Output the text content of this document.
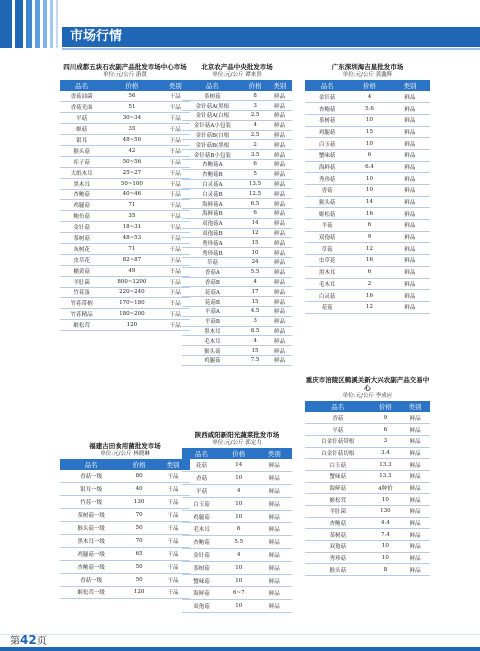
市场行情
四川成都五块石农副产品批发市场中心市场
单位:元/公斤 游贤
品名	价格	类别
香菇油菌	56	干品
香菇光面	51	干品
平菇	30~34	干品
姬菇	35	干品
银耳	48~50	干品
猴头菇	42	干品
库子菇	50~56	干品
大纸木耳	25~27	干品
黑木耳	50~100	干品
杏鲍菇	40~46	干品
鸡腿菇	71	干品
鲍鱼菇	35	干品
金针菇	18~31	干品
茶树菇	48~53	干品
灰树花	71	干品
虫草花	82~87	干品
榆黄菇	49	干品
羊肚菌	800~1200	干品
竹荪蛋	220~240	干品
竹荪带柄	170~180	干品
竹荪精品	180~200	干品
姬松茸	120	干品
福建古田食用菌批发市场
单位:元/公斤 林晓琳
品名	价格	类别
香菇一级	80	干品
银耳一级	40	干品
竹荪一级	130	干品
茶树菇一级	70	干品
猴头菇一级	50	干品
黑木耳一级	70	干品
鸡腿菇一级	65	干品
杏鲍菇一级	50	干品
香菇一级	50	干品
姬松茸一级	120	干品
北京农产品中央批发市场
单位:元/公斤 谭来贵
品名	价格	类别
茶树菇	8	鲜品
金针菇A(黑根	3	鲜品
金针菇A(白根	2.5	鲜品
金针菇A小包装	4	鲜品
金针菇B(白根	2.5	鲜品
金针菇B(黑根	2	鲜品
金针菇B小包装	3.5	鲜品
杏鲍菇A	6	鲜品
杏鲍菇B	5	鲜品
白灵菇A	13.5	鲜品
白灵菇B	12.5	鲜品
海鲜菇A	6.5	鲜品
海鲜菇B	6	鲜品
双孢菇A	14	鲜品
双孢菇B	12	鲜品
秀珍菇A	15	鲜品
秀珍菇B	10	鲜品
草菇	24	鲜品
香菇A	5.5	鲜品
香菇B	4	鲜品
花菇A	17	鲜品
花菇B	15	鲜品
平菇A	4.5	鲜品
平菇B	3	鲜品
黑木耳	8.5	鲜品
毛木耳	4	鲜品
猴头菇	15	鲜品
鸡腿菇	7.5	鲜品
陕西咸阳新阳光蔬菜批发市场
单位:元/公斤 郭定力
品名	价格	类别
花菇	14	鲜品
香菇	10	鲜品
平菇	4	鲜品
白玉菇	10	鲜品
鸡腿菇	10	鲜品
毛木耳	6	鲜品
杏鲍菇	5.5	鲜品
金针菇	4	鲜品
茶树菇	10	鲜品
蟹味菇	10	鲜品
海鲜菇	6~7	鲜品
双孢菇	10	鲜品
广东深圳海吉星批发市场
单位:元/公斤 黄鑫辉
品名	价格	类别
金针菇	4	鲜品
杏鲍菇	5.6	鲜品
茶树菇	10	鲜品
鸡腿菇	15	鲜品
白玉菇	10	鲜品
蟹味菇	6	鲜品
海鲜菇	6.4	鲜品
秀珍菇	10	鲜品
香菇	10	鲜品
猴头菇	14	鲜品
姬松菇	16	鲜品
平菇	6	鲜品
双孢菇	9	鲜品
草菇	12	鲜品
虫草花	16	鲜品
黑木耳	6	鲜品
毛木耳	2	鲜品
白灵菇	16	鲜品
花菇	12	鲜品
重庆市涪陵区鹤溪关新大兴农副产品交易中心
单位:元/公斤 李成应
品名	价格	类别
香菇	9	鲜品
平菇	6	鲜品
白金针菇带根	3	鲜品
白金针菇切根	3.4	鲜品
白玉菇	13.3	鲜品
蟹味菇	13.3	鲜品
海鲜菇	4种价	鲜品
姬松茸	10	鲜品
羊肚菌	130	鲜品
杏鲍菇	4.4	鲜品
茶树菇	7.4	鲜品
双孢菇	10	鲜品
秀珍菇	10	鲜品
猴头菇	8	鲜品
第42页
